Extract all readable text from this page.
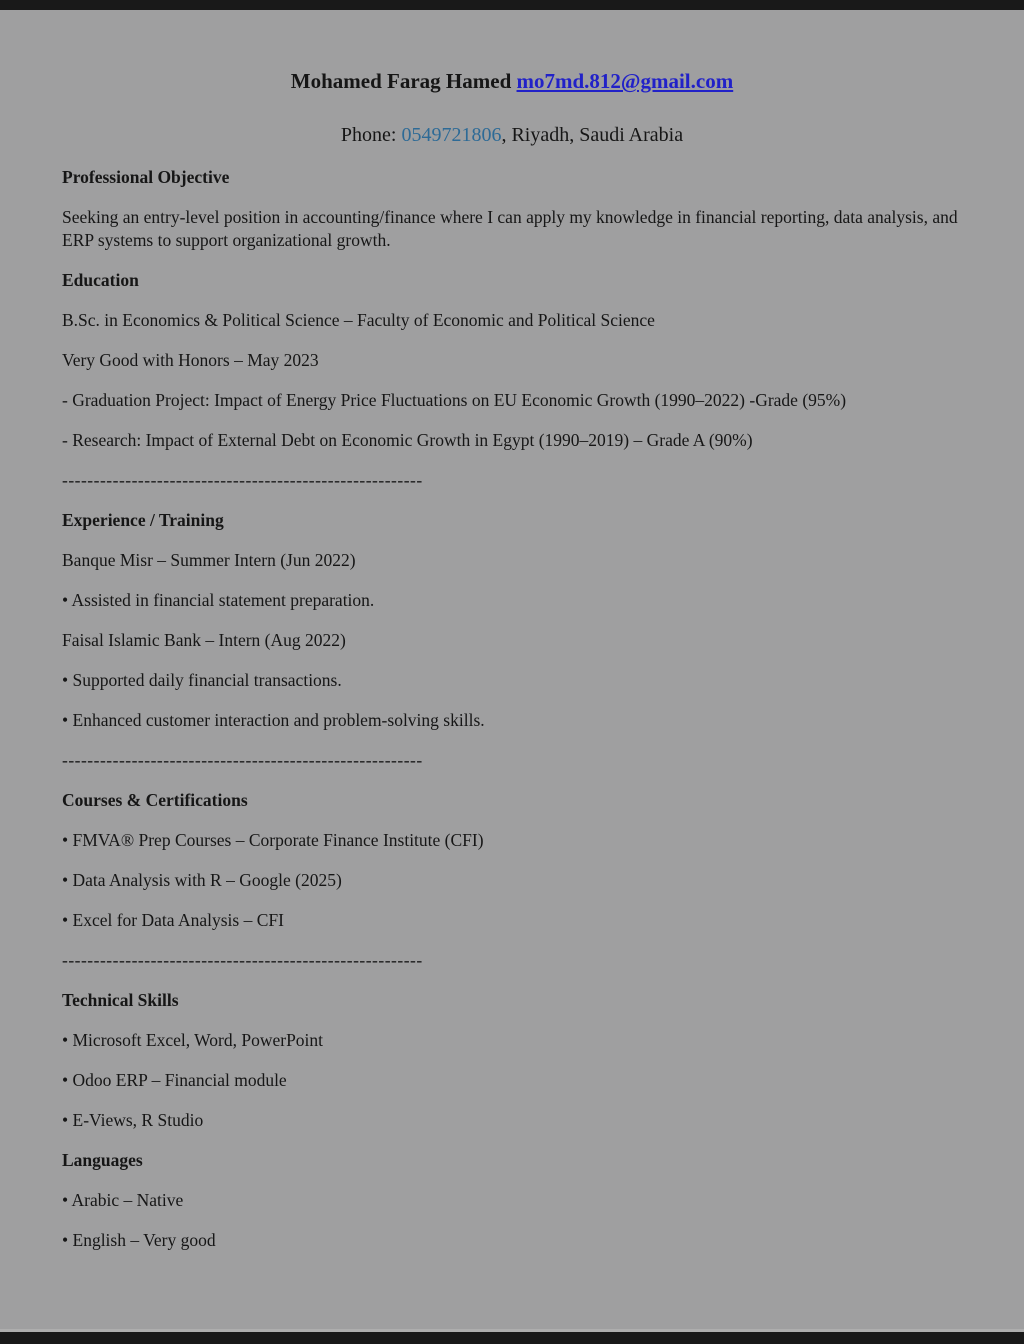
Mohamed Farag Hamed mo7md.812@gmail.com

Phone: 0549721806, Riyadh, Saudi Arabia

Professional Objective

Seeking an entry-level position in accounting/finance where I can apply my knowledge in financial reporting, data analysis, and ERP systems to support organizational growth.

Education

B.Sc. in Economics & Political Science – Faculty of Economic and Political Science

Very Good with Honors – May 2023

- Graduation Project: Impact of Energy Price Fluctuations on EU Economic Growth (1990–2022) -Grade (95%)

- Research: Impact of External Debt on Economic Growth in Egypt (1990–2019) – Grade A (90%)

---------------------------------------------------------

Experience / Training

Banque Misr – Summer Intern (Jun 2022)

• Assisted in financial statement preparation.

Faisal Islamic Bank – Intern (Aug 2022)

• Supported daily financial transactions.

• Enhanced customer interaction and problem-solving skills.

---------------------------------------------------------

Courses & Certifications

• FMVA® Prep Courses – Corporate Finance Institute (CFI)

• Data Analysis with R – Google (2025)

• Excel for Data Analysis – CFI

---------------------------------------------------------

Technical Skills

• Microsoft Excel, Word, PowerPoint

• Odoo ERP – Financial module

• E-Views, R Studio

Languages

• Arabic – Native

• English – Very good
